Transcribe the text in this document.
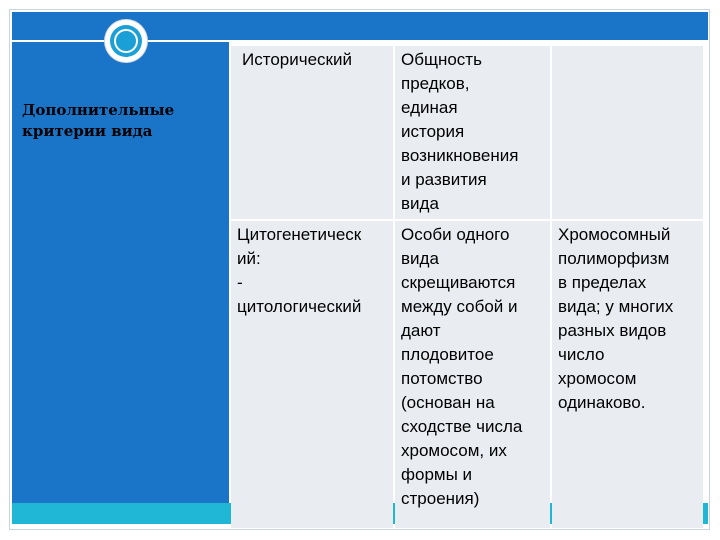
Дополнительные
критерии вида
Исторический	Общность
предков,
единая
история
возникновения
и развития
вида
Цитогенетическ
ий:
-
цитологический
Особи одного
вида
скрещиваются
между собой и
дают
плодовитое
потомство
(основан на
сходстве числа
хромосом, их
формы и
строения)
Хромосомный
полиморфизм
в пределах
вида; у многих
разных видов
число
хромосом
одинаково.
